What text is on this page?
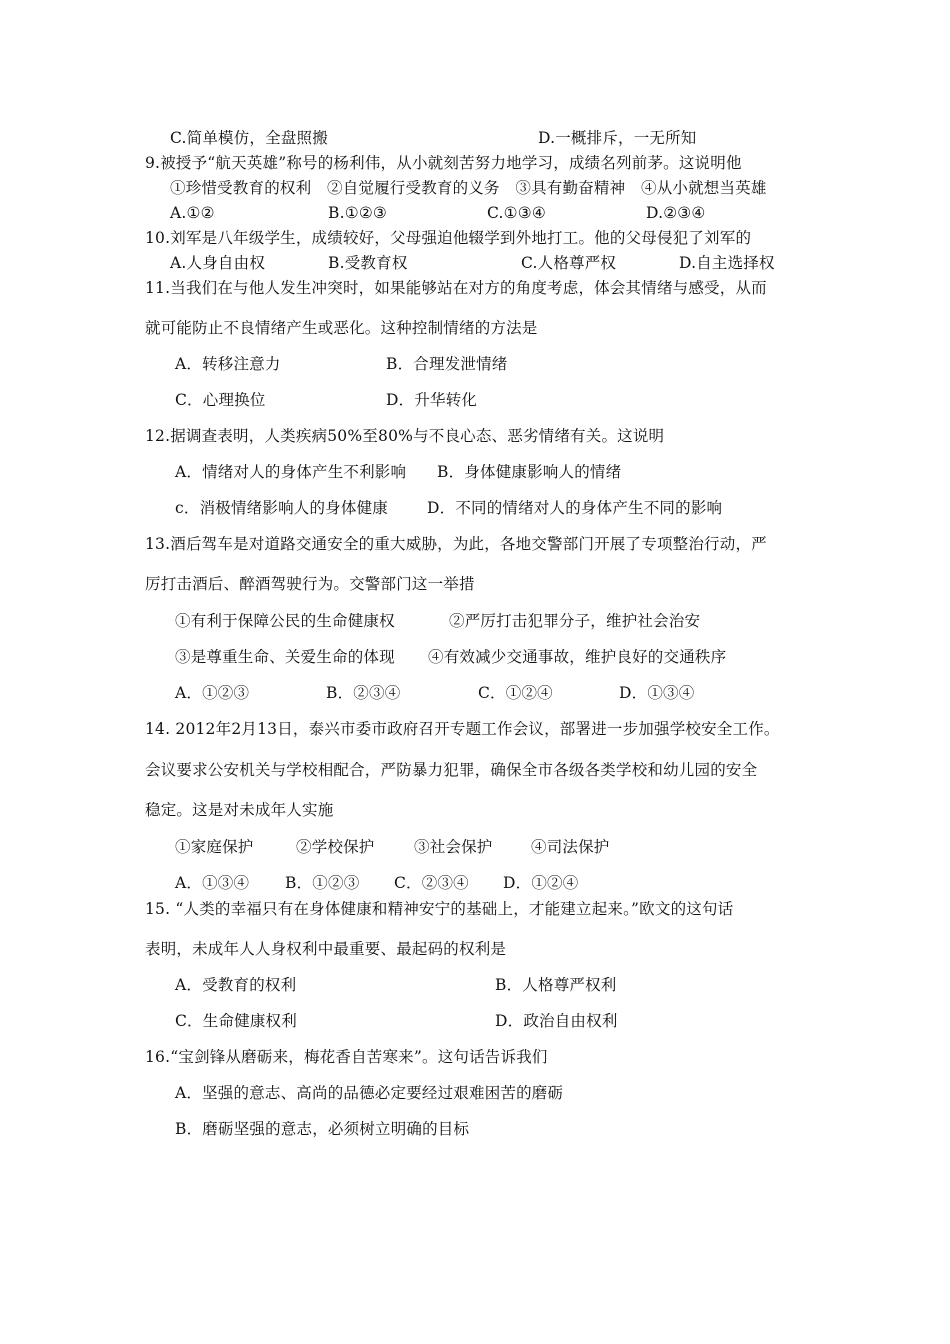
C.简单模仿，全盘照搬	D.一概排斥，一无所知
9.被授予“航天英雄”称号的杨利伟，从小就刻苦努力地学习，成绩名列前茅。这说明他
①珍惜受教育的权利　②自觉履行受教育的义务　③具有勤奋精神　④从小就想当英雄
A.①②	B.①②③	C.①③④	D.②③④
10.刘军是八年级学生，成绩较好，父母强迫他辍学到外地打工。他的父母侵犯了刘军的
A.人身自由权	B.受教育权	C.人格尊严权	D.自主选择权
11.当我们在与他人发生冲突时，如果能够站在对方的角度考虑，体会其情绪与感受，从而
就可能防止不良情绪产生或恶化。这种控制情绪的方法是
A．转移注意力	B．合理发泄情绪
C．心理换位	D．升华转化
12.据调查表明，人类疾病50%至80%与不良心态、恶劣情绪有关。这说明
A．情绪对人的身体产生不利影响 B．身体健康影响人的情绪
c．消极情绪影响人的身体健康	D．不同的情绪对人的身体产生不同的影响
13.酒后驾车是对道路交通安全的重大威胁，为此，各地交警部门开展了专项整治行动，严
厉打击酒后、醉酒驾驶行为。交警部门这一举措
①有利于保障公民的生命健康权	②严厉打击犯罪分子，维护社会治安
③是尊重生命、关爱生命的体现 ④有效减少交通事故，维护良好的交通秩序
A．①②③	B．②③④	C．①②④	D．①③④
14. 2012年2月13日，泰兴市委市政府召开专题工作会议，部署进一步加强学校安全工作。
会议要求公安机关与学校相配合，严防暴力犯罪，确保全市各级各类学校和幼儿园的安全
稳定。这是对未成年人实施
①家庭保护	②学校保护	③社会保护 ④司法保护
A．①③④ B．①②③ C．②③④ D．①②④
15. “人类的幸福只有在身体健康和精神安宁的基础上，才能建立起来。”欧文的这句话
表明，未成年人人身权利中最重要、最起码的权利是
A．受教育的权利	B．人格尊严权利
C．生命健康权利	D．政治自由权利
16.“宝剑锋从磨砺来，梅花香自苦寒来”。这句话告诉我们
A．坚强的意志、高尚的品德必定要经过艰难困苦的磨砺
B．磨砺坚强的意志，必须树立明确的目标
